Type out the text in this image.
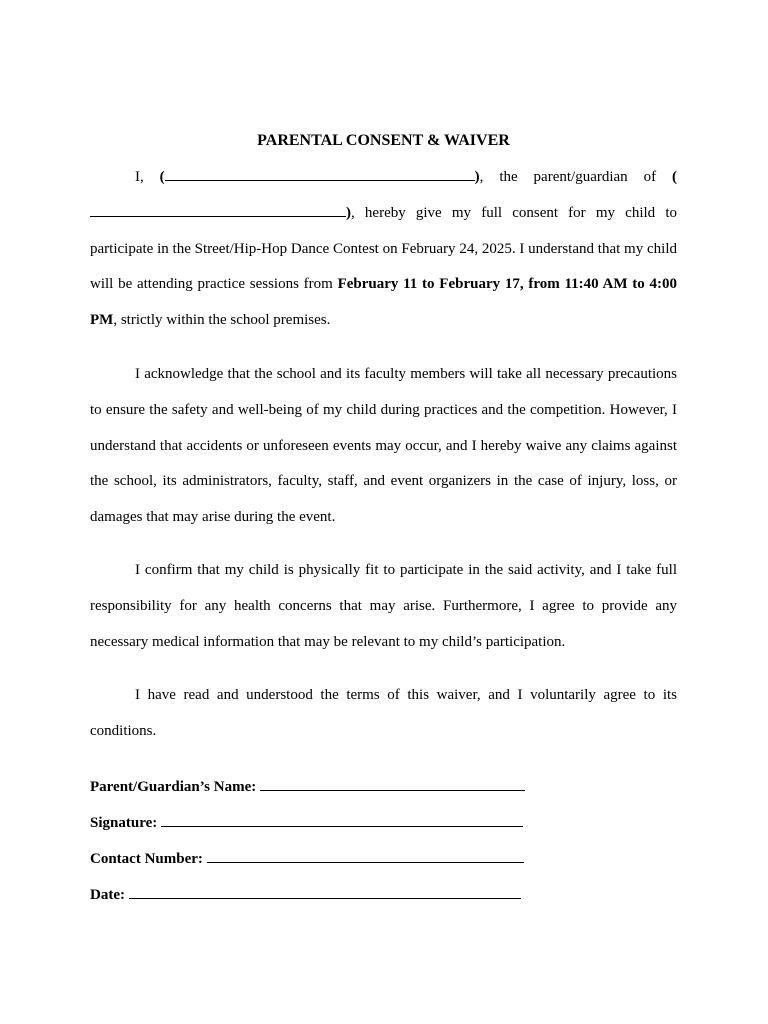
PARENTAL CONSENT & WAIVER

I, (	), the parent/guardian of (), hereby give my full consent for my child to participate in the Street/Hip-Hop Dance Contest on February 24, 2025. I understand that my child will be attending practice sessions from February 11 to February 17, from 11:40 AM to 4:00 PM, strictly within the school premises.

I acknowledge that the school and its faculty members will take all necessary precautions to ensure the safety and well-being of my child during practices and the competition. However, I understand that accidents or unforeseen events may occur, and I hereby waive any claims against the school, its administrators, faculty, staff, and event organizers in the case of injury, loss, or damages that may arise during the event.

I confirm that my child is physically fit to participate in the said activity, and I take full responsibility for any health concerns that may arise. Furthermore, I agree to provide any necessary medical information that may be relevant to my child’s participation.

I have read and understood the terms of this waiver, and I voluntarily agree to its conditions.

Parent/Guardian’s Name:
Signature:
Contact Number:
Date:
